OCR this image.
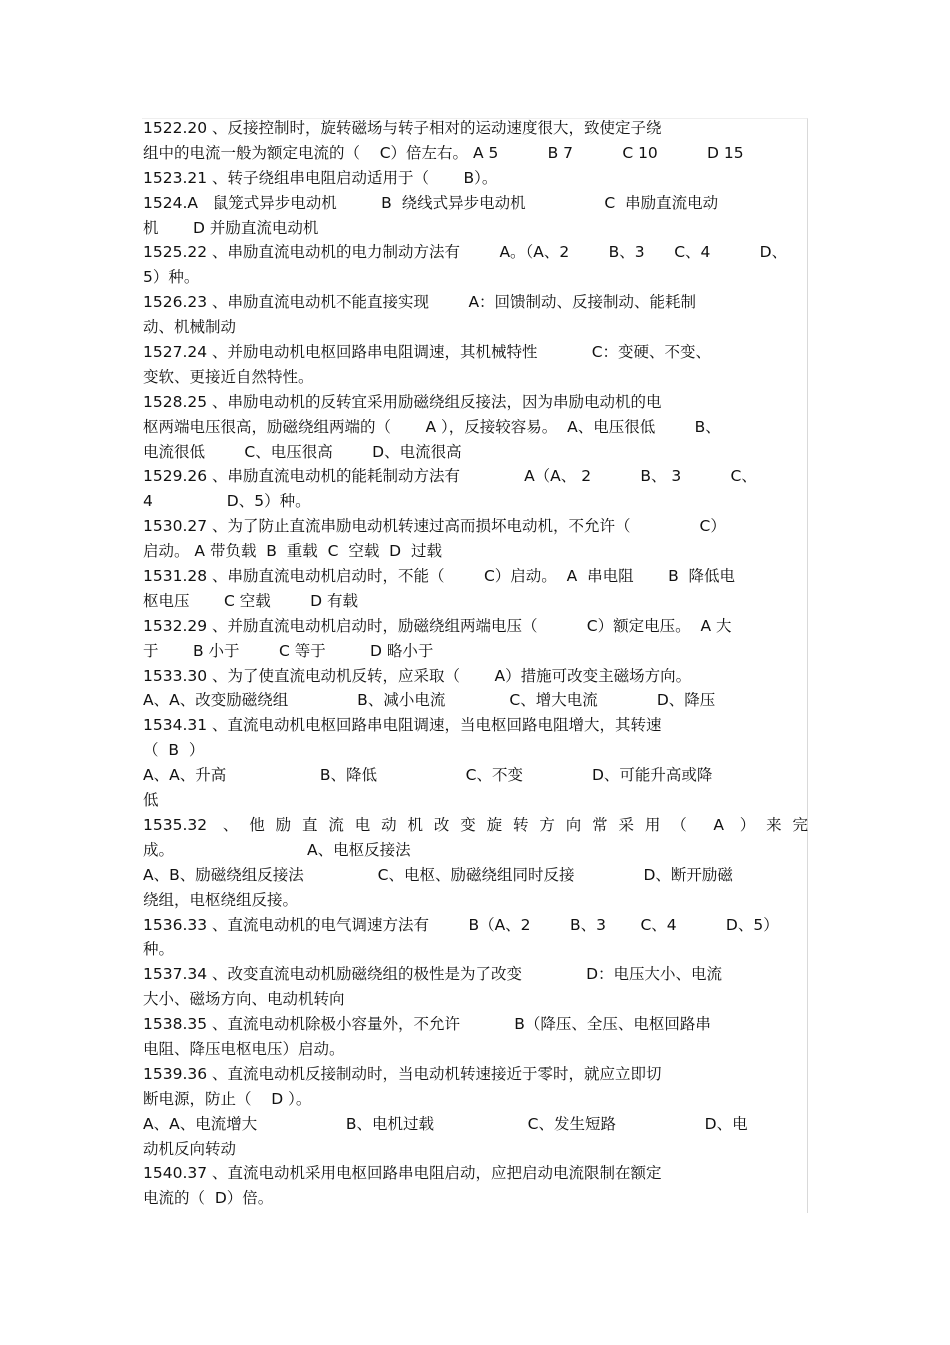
1522.20 、反接控制时，旋转磁场与转子相对的运动速度很大，致使定子绕
组中的电流一般为额定电流的（    C）倍左右。 A 5          B 7          C 10          D 15
1523.21 、转子绕组串电阻启动适用于（       B）。
1524.A   鼠笼式异步电动机         B  绕线式异步电动机                C  串励直流电动
机       D 并励直流电动机
1525.22 、串励直流电动机的电力制动方法有        A。（A、2        B、3      C、4          D、
5）种。
1526.23 、串励直流电动机不能直接实现        A：回馈制动、反接制动、能耗制
动、机械制动
1527.24 、并励电动机电枢回路串电阻调速，其机械特性           C：变硬、不变、
变软、更接近自然特性。
1528.25 、串励电动机的反转宜采用励磁绕组反接法，因为串励电动机的电
枢两端电压很高，励磁绕组两端的（       A ），反接较容易。  A、电压很低        B、
电流很低        C、电压很高        D、电流很高
1529.26 、串励直流电动机的能耗制动方法有             A（A、 2          B、 3          C、
4               D、5）种。
1530.27 、为了防止直流串励电动机转速过高而损坏电动机，不允许（              C）
启动。 A 带负载  B  重载  C  空载  D  过载
1531.28 、串励直流电动机启动时，不能（        C）启动。  A  串电阻       B  降低电
枢电压       C 空载        D 有载
1532.29 、并励直流电动机启动时，励磁绕组两端电压（          C）额定电压。  A 大
于       B 小于        C 等于         D 略小于
1533.30 、为了使直流电动机反转，应采取（       A）措施可改变主磁场方向。
A、A、改变励磁绕组              B、减小电流             C、增大电流            D、降压
1534.31 、直流电动机电枢回路串电阻调速，当电枢回路电阻增大，其转速
（  B  ）
A、A、升高                   B、降低                  C、不变              D、可能升高或降
低
1535.32 、他励直流电动机改变旋转方向常采用（ A ）来完
成。                           A、电枢反接法
A、B、励磁绕组反接法               C、电枢、励磁绕组同时反接              D、断开励磁
绕组，电枢绕组反接。
1536.33 、直流电动机的电气调速方法有        B（A、2        B、3       C、4          D、5）
种。
1537.34 、改变直流电动机励磁绕组的极性是为了改变             D：电压大小、电流
大小、磁场方向、电动机转向
1538.35 、直流电动机除极小容量外，不允许           B（降压、全压、电枢回路串
电阻、降压电枢电压）启动。
1539.36 、直流电动机反接制动时，当电动机转速接近于零时，就应立即切
断电源，防止（    D ）。
A、A、电流增大                  B、电机过载                   C、发生短路                  D、电
动机反向转动
1540.37 、直流电动机采用电枢回路串电阻启动，应把启动电流限制在额定
电流的（  D）倍。
